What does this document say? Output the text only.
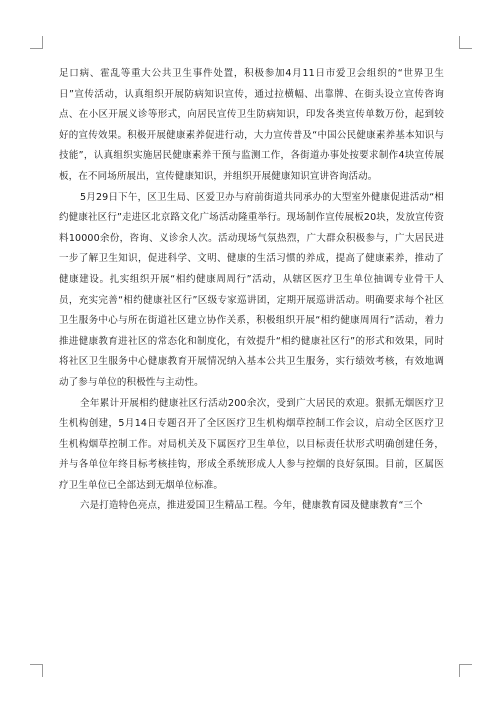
足口病、霍乱等重大公共卫生事件处置，积极参加4月11日市爱卫会组织的“世界卫生日”宣传活动，认真组织开展防病知识宣传，通过拉横幅、出靠牌、在街头设立宣传咨询点、在小区开展义诊等形式，向居民宣传卫生防病知识，印发各类宣传单数万份，起到较好的宣传效果。积极开展健康素养促进行动，大力宣传普及“中国公民健康素养基本知识与技能”，认真组织实施居民健康素养干预与监测工作，各街道办事处按要求制作4块宣传展板，在不同场所展出，宣传健康知识，并组织开展健康知识宣讲咨询活动。

5月29日下午，区卫生局、区爱卫办与府前街道共同承办的大型室外健康促进活动“相约健康社区行”走进区北京路文化广场活动隆重举行。现场制作宣传展板20块，发放宣传资料10000余份，咨询、义诊余人次。活动现场气氛热烈，广大群众积极参与，广大居民进一步了解卫生知识，促进科学、文明、健康的生活习惯的养成，提高了健康素养，推动了健康建设。扎实组织开展“相约健康周周行”活动，从辖区医疗卫生单位抽调专业骨干人员，充实完善“相约健康社区行”区级专家巡讲团，定期开展巡讲活动。明确要求每个社区卫生服务中心与所在街道社区建立协作关系，积极组织开展“相约健康周周行”活动，着力推进健康教育进社区的常态化和制度化，有效提升“相约健康社区行”的形式和效果，同时将社区卫生服务中心健康教育开展情况纳入基本公共卫生服务，实行绩效考核，有效地调动了参与单位的积极性与主动性。

全年累计开展相约健康社区行活动200余次，受到广大居民的欢迎。狠抓无烟医疗卫生机构创建，5月14日专题召开了全区医疗卫生机构烟草控制工作会议，启动全区医疗卫生机构烟草控制工作。对局机关及下属医疗卫生单位，以目标责任状形式明确创建任务，并与各单位年终目标考核挂钩，形成全系统形成人人参与控烟的良好氛围。目前，区属医疗卫生单位已全部达到无烟单位标准。

六是打造特色亮点，推进爱国卫生精品工程。今年，健康教育园及健康教育“三个
